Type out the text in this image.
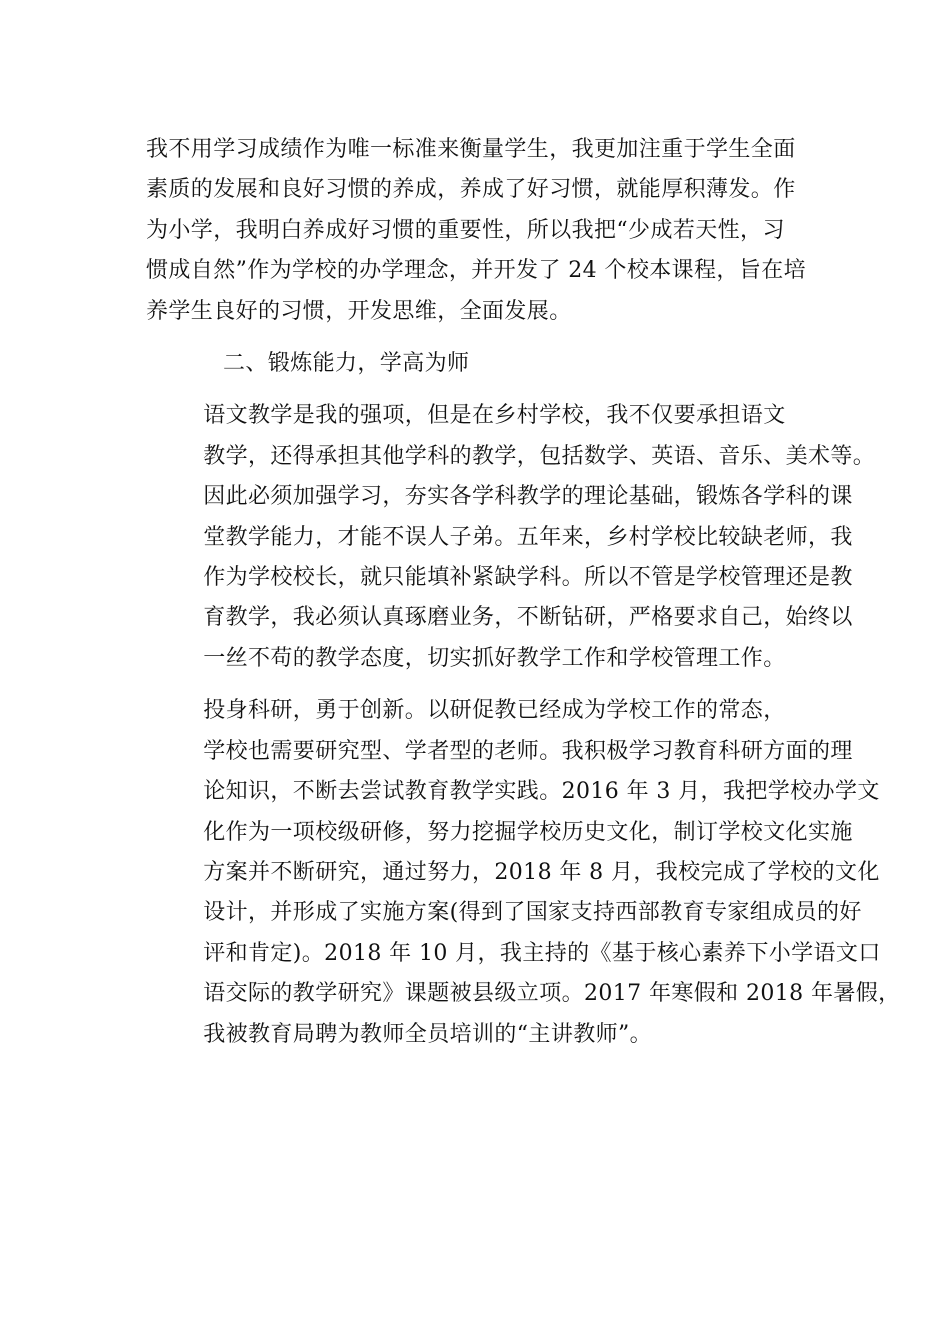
我不用学习成绩作为唯一标准来衡量学生，我更加注重于学生全面
素质的发展和良好习惯的养成，养成了好习惯，就能厚积薄发。作
为小学，我明白养成好习惯的重要性，所以我把“少成若天性，习
惯成自然”作为学校的办学理念，并开发了 24 个校本课程，旨在培
养学生良好的习惯，开发思维，全面发展。
二、锻炼能力，学高为师
语文教学是我的强项，但是在乡村学校，我不仅要承担语文
教学，还得承担其他学科的教学，包括数学、英语、音乐、美术等。
因此必须加强学习，夯实各学科教学的理论基础，锻炼各学科的课
堂教学能力，才能不误人子弟。五年来，乡村学校比较缺老师，我
作为学校校长，就只能填补紧缺学科。所以不管是学校管理还是教
育教学，我必须认真琢磨业务，不断钻研，严格要求自己，始终以
一丝不苟的教学态度，切实抓好教学工作和学校管理工作。
投身科研，勇于创新。以研促教已经成为学校工作的常态，
学校也需要研究型、学者型的老师。我积极学习教育科研方面的理
论知识，不断去尝试教育教学实践。2016 年 3 月，我把学校办学文
化作为一项校级研修，努力挖掘学校历史文化，制订学校文化实施
方案并不断研究，通过努力，2018 年 8 月，我校完成了学校的文化
设计，并形成了实施方案(得到了国家支持西部教育专家组成员的好
评和肯定)。2018 年 10 月，我主持的《基于核心素养下小学语文口
语交际的教学研究》课题被县级立项。2017 年寒假和 2018 年暑假，
我被教育局聘为教师全员培训的“主讲教师”。
